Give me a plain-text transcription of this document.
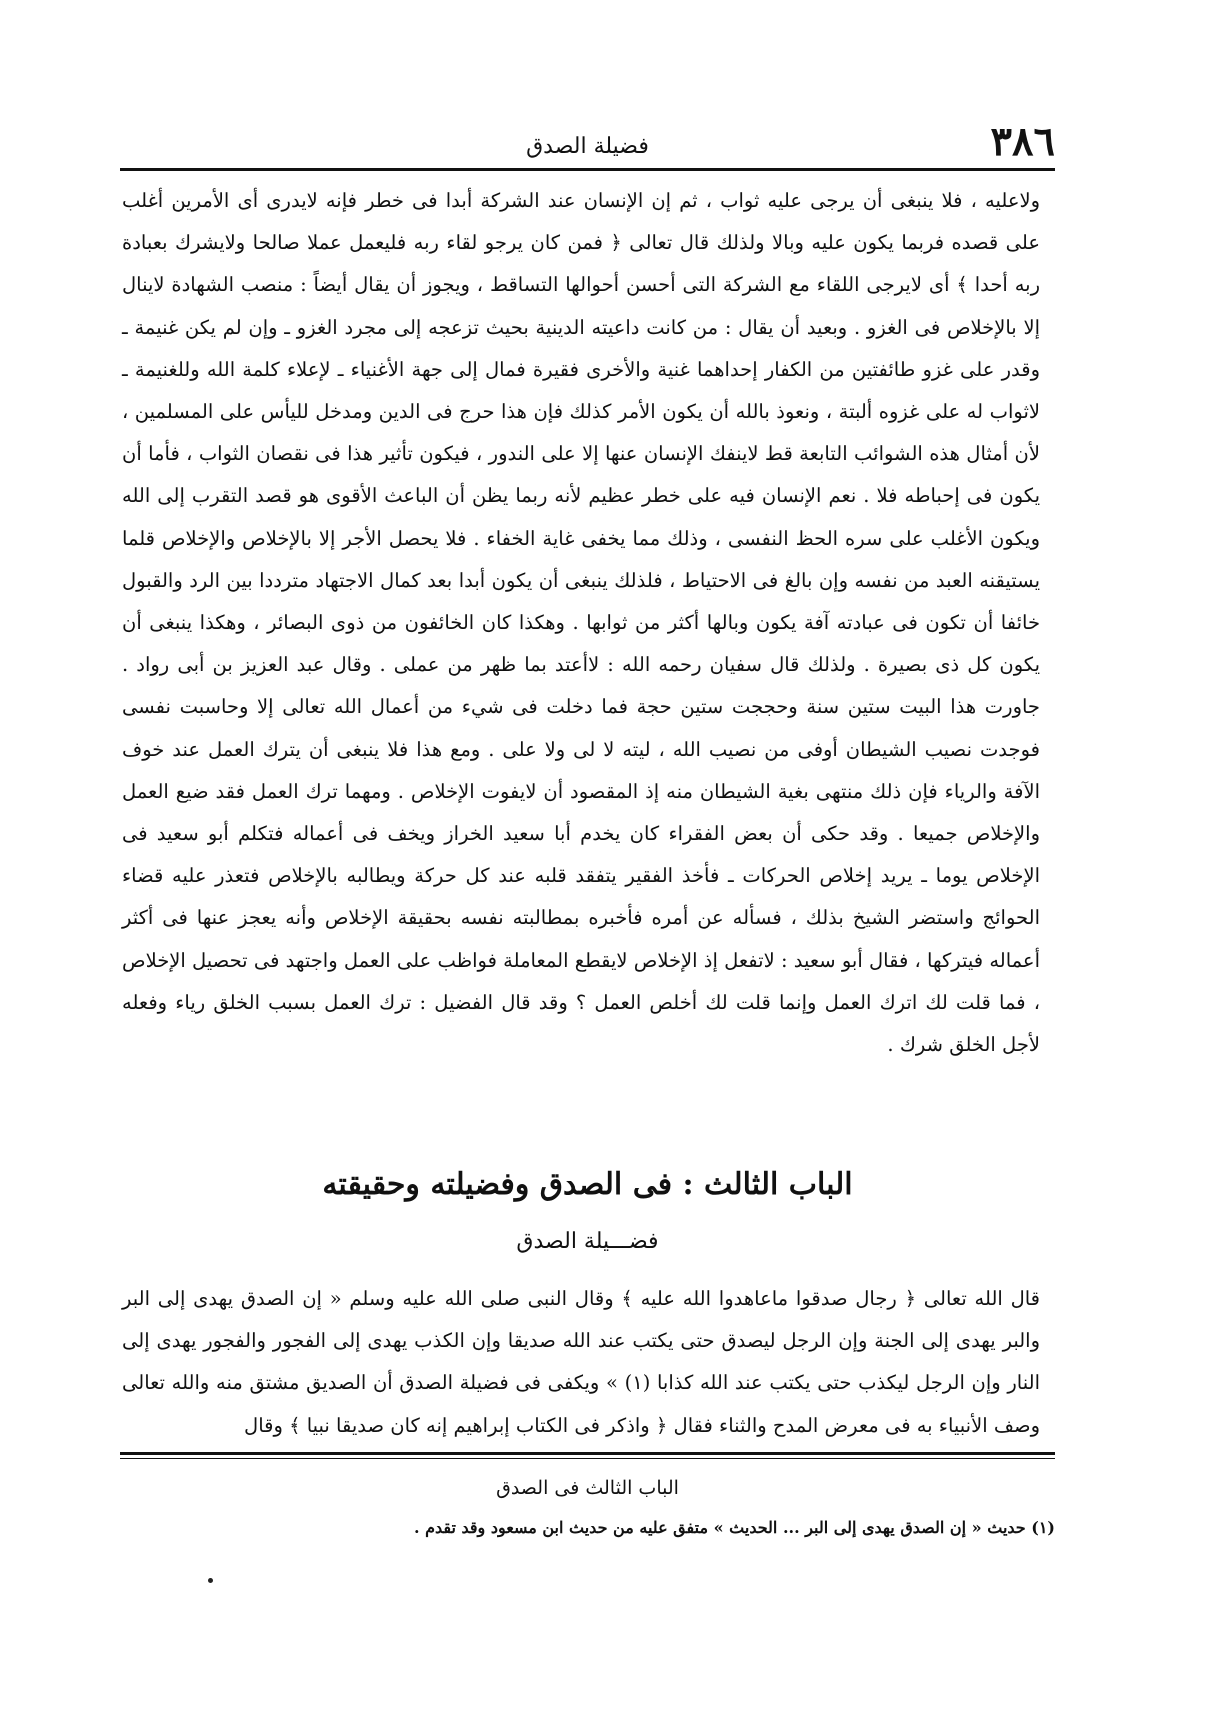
٣٨٦
فضيلة الصدق

ولاعليه ، فلا ينبغى أن يرجى عليه ثواب ، ثم إن الإنسان عند الشركة أبدا فى خطر فإنه لايدرى أى الأمرين أغلب على قصده فربما يكون عليه وبالا ولذلك قال تعالى ﴿ فمن كان يرجو لقاء ربه فليعمل عملا صالحا ولايشرك بعبادة ربه أحدا ﴾ أى لايرجى اللقاء مع الشركة التى أحسن أحوالها التساقط ، ويجوز أن يقال أيضاً : منصب الشهادة لاينال إلا بالإخلاص فى الغزو . وبعيد أن يقال : من كانت داعيته الدينية بحيث تزعجه إلى مجرد الغزو ـ وإن لم يكن غنيمة ـ وقدر على غزو طائفتين من الكفار إحداهما غنية والأخرى فقيرة فمال إلى جهة الأغنياء ـ لإعلاء كلمة الله وللغنيمة ـ لاثواب له على غزوه ألبتة ، ونعوذ بالله أن يكون الأمر كذلك فإن هذا حرج فى الدين ومدخل لليأس على المسلمين ، لأن أمثال هذه الشوائب التابعة قط لاينفك الإنسان عنها إلا على الندور ، فيكون تأثير هذا فى نقصان الثواب ، فأما أن يكون فى إحباطه فلا . نعم الإنسان فيه على خطر عظيم لأنه ربما يظن أن الباعث الأقوى هو قصد التقرب إلى الله ويكون الأغلب على سره الحظ النفسى ، وذلك مما يخفى غاية الخفاء . فلا يحصل الأجر إلا بالإخلاص والإخلاص قلما يستيقنه العبد من نفسه وإن بالغ فى الاحتياط ، فلذلك ينبغى أن يكون أبدا بعد كمال الاجتهاد مترددا بين الرد والقبول خائفا أن تكون فى عبادته آفة يكون وبالها أكثر من ثوابها . وهكذا كان الخائفون من ذوى البصائر ، وهكذا ينبغى أن يكون كل ذى بصيرة . ولذلك قال سفيان رحمه الله : لاأعتد بما ظهر من عملى . وقال عبد العزيز بن أبى رواد . جاورت هذا البيت ستين سنة وحججت ستين حجة فما دخلت فى شيء من أعمال الله تعالى إلا وحاسبت نفسى فوجدت نصيب الشيطان أوفى من نصيب الله ، ليته لا لى ولا على . ومع هذا فلا ينبغى أن يترك العمل عند خوف الآفة والرياء فإن ذلك منتهى بغية الشيطان منه إذ المقصود أن لايفوت الإخلاص . ومهما ترك العمل فقد ضيع العمل والإخلاص جميعا . وقد حكى أن بعض الفقراء كان يخدم أبا سعيد الخراز ويخف فى أعماله فتكلم أبو سعيد فى الإخلاص يوما ـ يريد إخلاص الحركات ـ فأخذ الفقير يتفقد قلبه عند كل حركة ويطالبه بالإخلاص فتعذر عليه قضاء الحوائج واستضر الشيخ بذلك ، فسأله عن أمره فأخبره بمطالبته نفسه بحقيقة الإخلاص وأنه يعجز عنها فى أكثر أعماله فيتركها ، فقال أبو سعيد : لاتفعل إذ الإخلاص لايقطع المعاملة فواظب على العمل واجتهد فى تحصيل الإخلاص ، فما قلت لك اترك العمل وإنما قلت لك أخلص العمل ؟ وقد قال الفضيل : ترك العمل بسبب الخلق رياء وفعله لأجل الخلق شرك .

الباب الثالث : فى الصدق وفضيلته وحقيقته
فضـــيلة الصدق

قال الله تعالى ﴿ رجال صدقوا ماعاهدوا الله عليه ﴾ وقال النبى صلى الله عليه وسلم « إن الصدق يهدى إلى البر والبر يهدى إلى الجنة وإن الرجل ليصدق حتى يكتب عند الله صديقا وإن الكذب يهدى إلى الفجور والفجور يهدى إلى النار وإن الرجل ليكذب حتى يكتب عند الله كذابا (١) » ويكفى فى فضيلة الصدق أن الصديق مشتق منه والله تعالى وصف الأنبياء به فى معرض المدح والثناء فقال ﴿ واذكر فى الكتاب إبراهيم إنه كان صديقا نبيا ﴾ وقال

الباب الثالث فى الصدق
(١) حديث « إن الصدق يهدى إلى البر ... الحديث » متفق عليه من حديث ابن مسعود وقد تقدم .
